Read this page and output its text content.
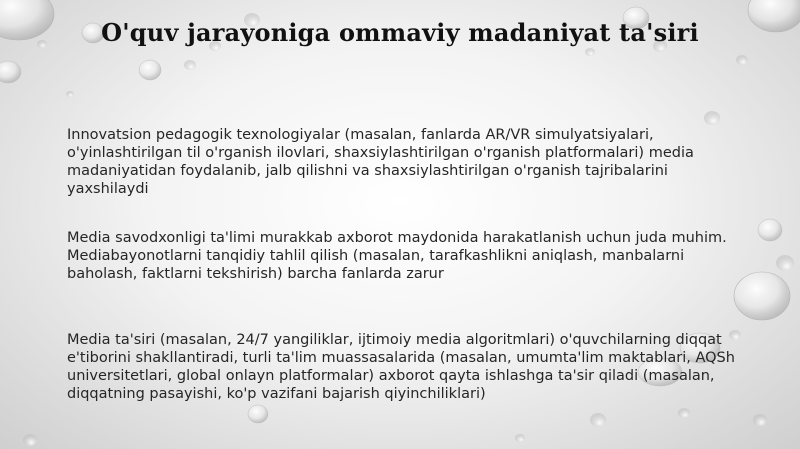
O'quv jarayoniga ommaviy madaniyat ta'siri
Innovatsion pedagogik texnologiyalar (masalan, fanlarda AR/VR simulyatsiyalari, o'yinlashtirilgan til o'rganish ilovlari, shaxsiylashtirilgan o'rganish platformalari) media madaniyatidan foydalanib, jalb qilishni va shaxsiylashtirilgan o'rganish tajribalarini yaxshilaydi
Media savodxonligi ta'limi murakkab axborot maydonida harakatlanish uchun juda muhim. Mediabayonotlarni tanqidiy tahlil qilish (masalan, tarafkashlikni aniqlash, manbalarni baholash, faktlarni tekshirish) barcha fanlarda zarur
Media ta'siri (masalan, 24/7 yangiliklar, ijtimoiy media algoritmlari) o'quvchilarning diqqat e'tiborini shakllantiradi, turli ta'lim muassasalarida (masalan, umumta'lim maktablari, AQSh universitetlari, global onlayn platformalar) axborot qayta ishlashga ta'sir qiladi (masalan, diqqatning pasayishi, ko'p vazifani bajarish qiyinchiliklari)
